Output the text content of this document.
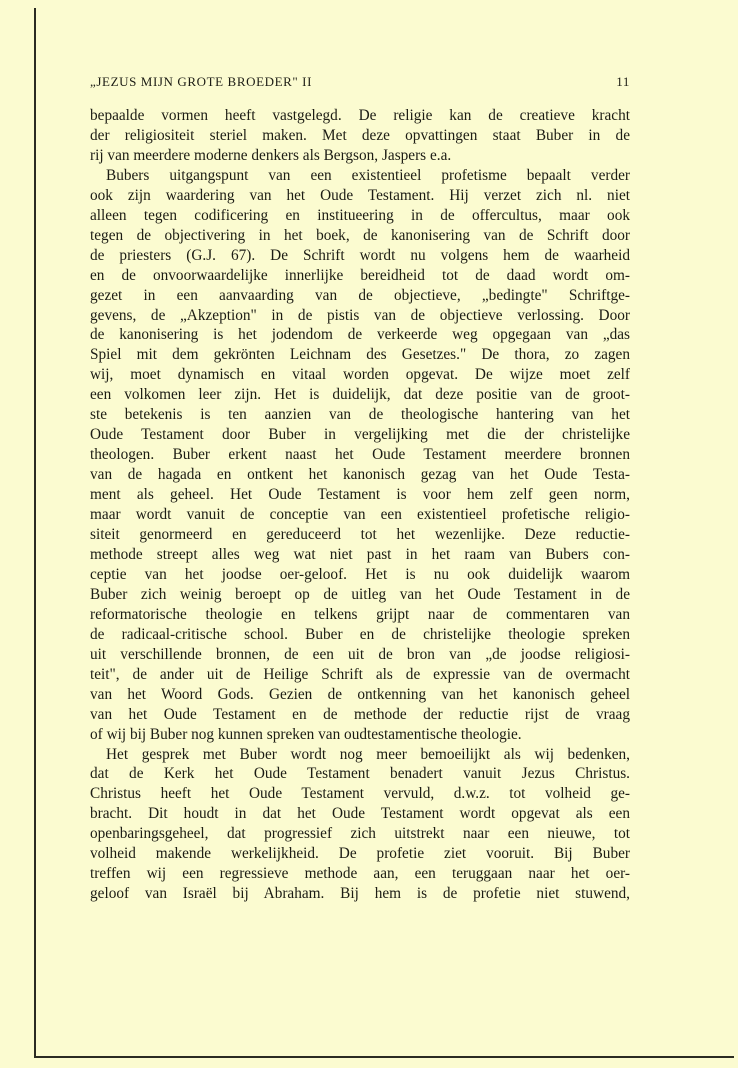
„JEZUS MIJN GROTE BROEDER" II	11

bepaalde vormen heeft vastgelegd. De religie kan de creatieve kracht

der religiositeit steriel maken. Met deze opvattingen staat Buber in de

rij van meerdere moderne denkers als Bergson, Jaspers e.a.

Bubers uitgangspunt van een existentieel profetisme bepaalt verder

ook zijn waardering van het Oude Testament. Hij verzet zich nl. niet

alleen tegen codificering en institueering in de offercultus, maar ook

tegen de objectivering in het boek, de kanonisering van de Schrift door

de priesters (G.J. 67). De Schrift wordt nu volgens hem de waarheid

en de onvoorwaardelijke innerlijke bereidheid tot de daad wordt om-

gezet in een aanvaarding van de objectieve, „bedingte" Schriftge-

gevens, de „Akzeption" in de pistis van de objectieve verlossing. Door

de kanonisering is het jodendom de verkeerde weg opgegaan van „das

Spiel mit dem gekrönten Leichnam des Gesetzes." De thora, zo zagen

wij, moet dynamisch en vitaal worden opgevat. De wijze moet zelf

een volkomen leer zijn. Het is duidelijk, dat deze positie van de groot-

ste betekenis is ten aanzien van de theologische hantering van het

Oude Testament door Buber in vergelijking met die der christelijke

theologen. Buber erkent naast het Oude Testament meerdere bronnen

van de hagada en ontkent het kanonisch gezag van het Oude Testa-

ment als geheel. Het Oude Testament is voor hem zelf geen norm,

maar wordt vanuit de conceptie van een existentieel profetische religio-

siteit genormeerd en gereduceerd tot het wezenlijke. Deze reductie-

methode streept alles weg wat niet past in het raam van Bubers con-

ceptie van het joodse oer-geloof. Het is nu ook duidelijk waarom

Buber zich weinig beroept op de uitleg van het Oude Testament in de

reformatorische theologie en telkens grijpt naar de commentaren van

de radicaal-critische school. Buber en de christelijke theologie spreken

uit verschillende bronnen, de een uit de bron van „de joodse religiosi-

teit", de ander uit de Heilige Schrift als de expressie van de overmacht

van het Woord Gods. Gezien de ontkenning van het kanonisch geheel

van het Oude Testament en de methode der reductie rijst de vraag

of wij bij Buber nog kunnen spreken van oudtestamentische theologie.

Het gesprek met Buber wordt nog meer bemoeilijkt als wij bedenken,

dat de Kerk het Oude Testament benadert vanuit Jezus Christus.

Christus heeft het Oude Testament vervuld, d.w.z. tot volheid ge-

bracht. Dit houdt in dat het Oude Testament wordt opgevat als een

openbaringsgeheel, dat progressief zich uitstrekt naar een nieuwe, tot

volheid makende werkelijkheid. De profetie ziet vooruit. Bij Buber

treffen wij een regressieve methode aan, een teruggaan naar het oer-

geloof van Israël bij Abraham. Bij hem is de profetie niet stuwend,
